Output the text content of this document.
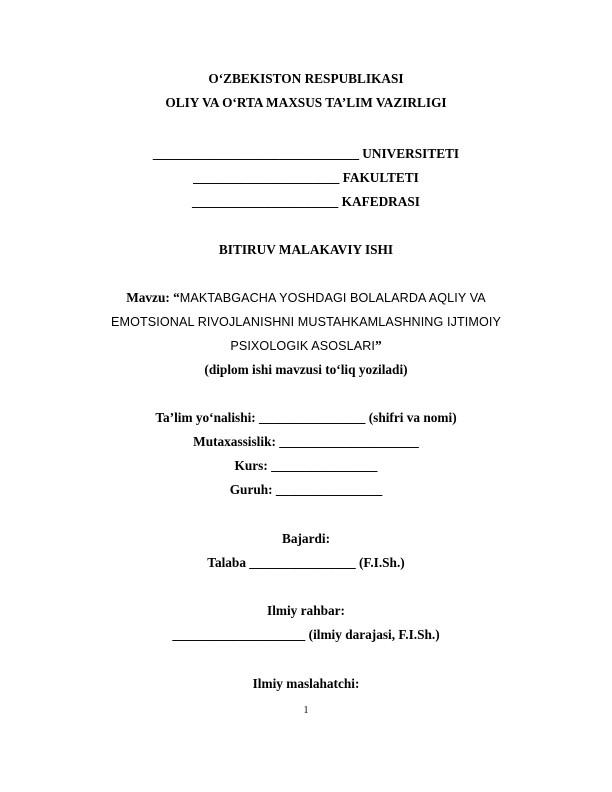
O‘ZBEKISTON RESPUBLIKASI
OLIY VA O‘RTA MAXSUS TA’LIM VAZIRLIGI
_______________________________ UNIVERSITETI
______________________ FAKULTETI
______________________ KAFEDRASI
BITIRUV MALAKAVIY ISHI
Mavzu: “MAKTABGACHA YOSHDAGI BOLALARDA AQLIY VA
EMOTSIONAL RIVOJLANISHNI MUSTAHKAMLASHNING IJTIMOIY
PSIXOLOGIK ASOSLARI”
(diplom ishi mavzusi to‘liq yoziladi)
Ta’lim yo‘nalishi: ________________ (shifri va nomi)
Mutaxassislik: _____________________
Kurs: ________________
Guruh: ________________
Bajardi:
Talaba ________________ (F.I.Sh.)
Ilmiy rahbar:
____________________ (ilmiy darajasi, F.I.Sh.)
Ilmiy maslahatchi:
1
